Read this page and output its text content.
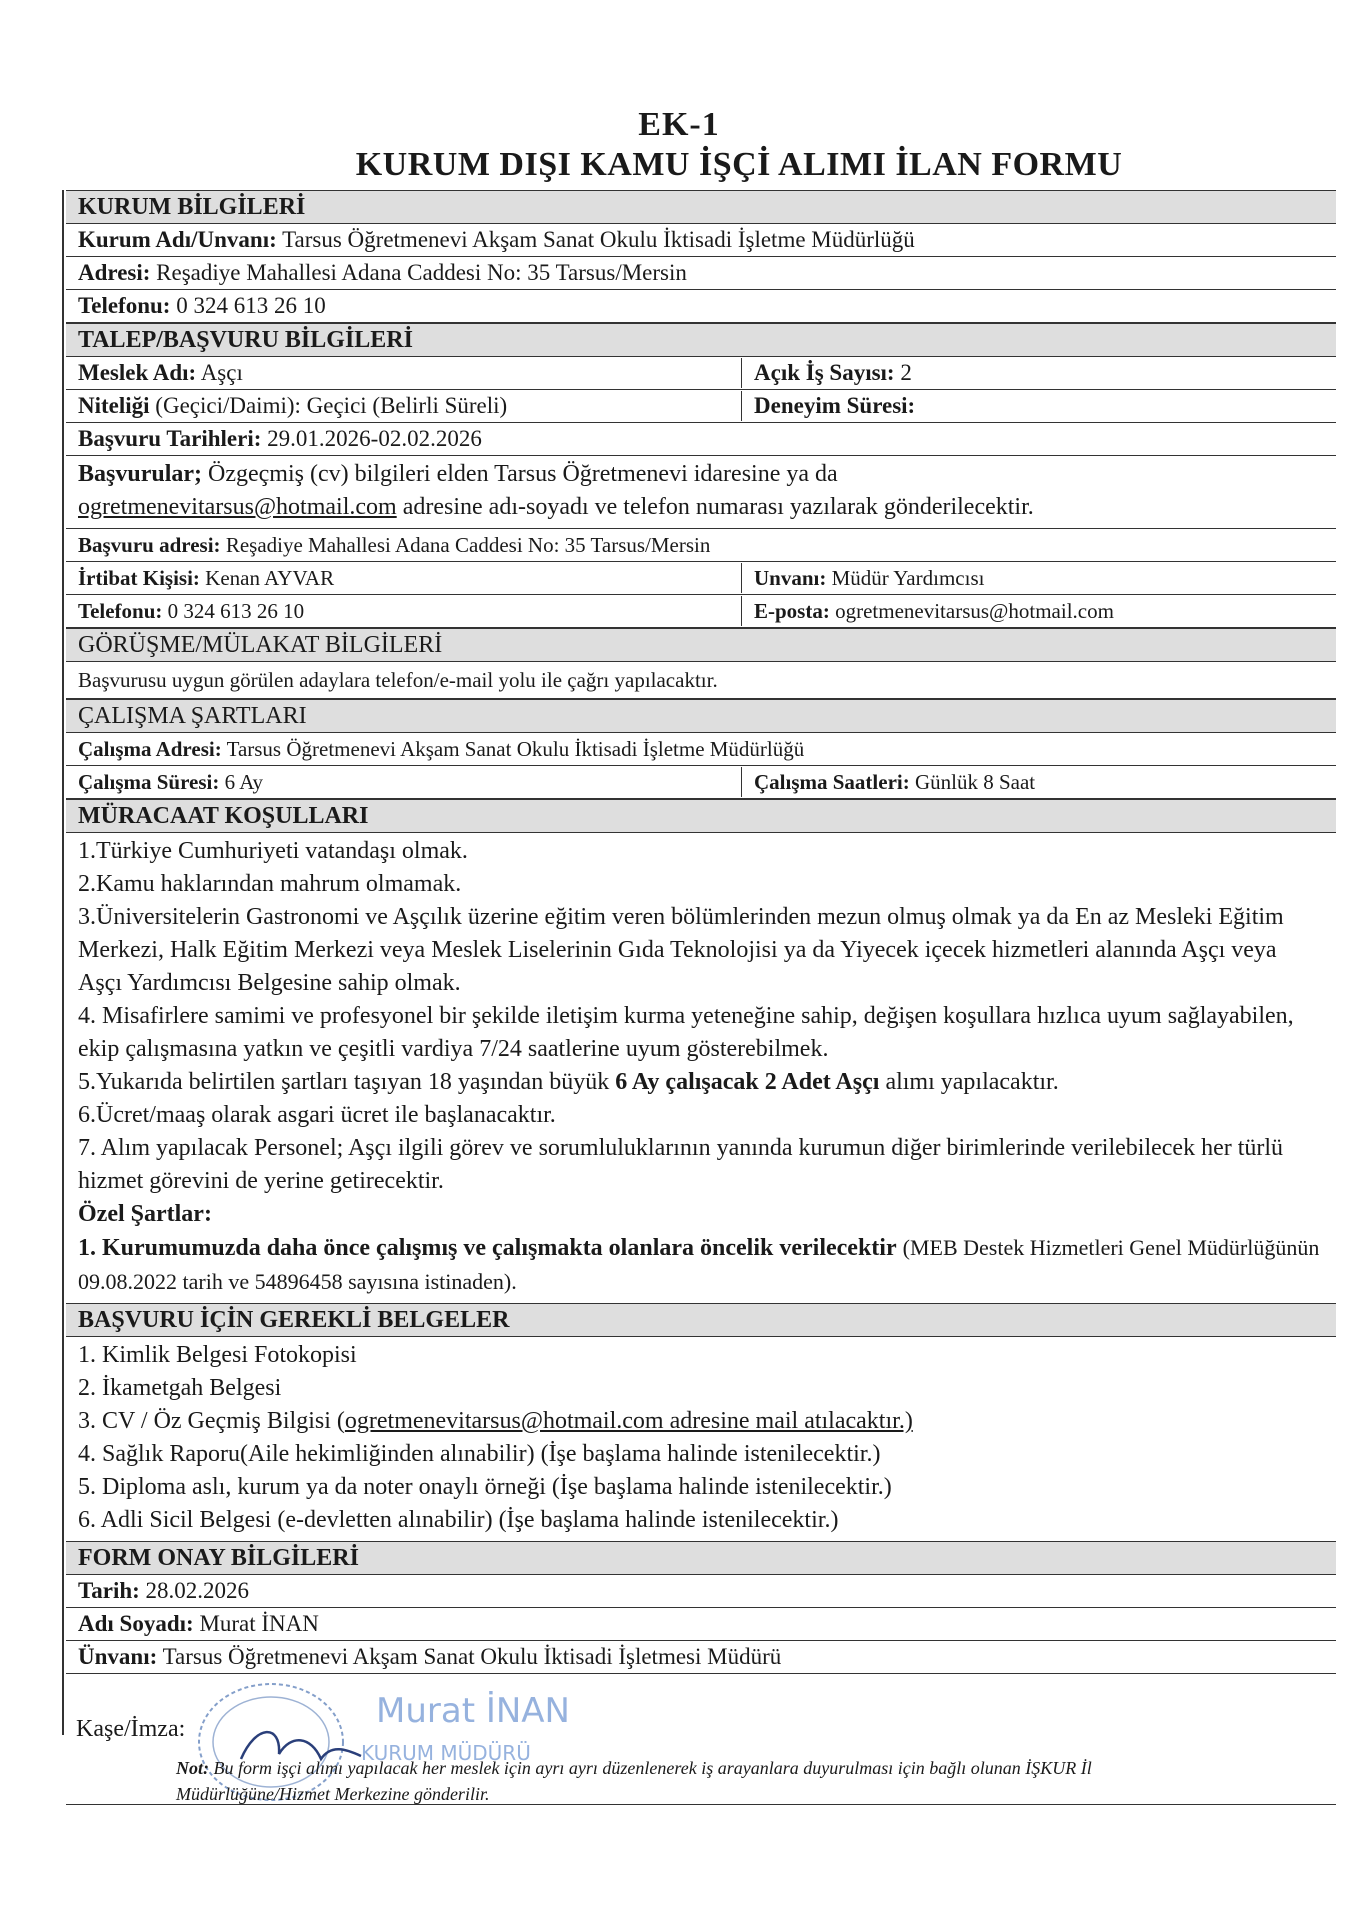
EK-1
KURUM DIŞI KAMU İŞÇİ ALIMI İLAN FORMU
KURUM BİLGİLERİ
Kurum Adı/Unvanı: Tarsus Öğretmenevi Akşam Sanat Okulu İktisadi İşletme Müdürlüğü
Adresi: Reşadiye Mahallesi Adana Caddesi No: 35 Tarsus/Mersin
Telefonu: 0 324 613 26 10
TALEP/BAŞVURU BİLGİLERİ
Meslek Adı: Aşçı	Açık İş Sayısı: 2
Niteliği (Geçici/Daimi): Geçici (Belirli Süreli)	Deneyim Süresi:
Başvuru Tarihleri: 29.01.2026-02.02.2026

Başvurular; Özgeçmiş (cv) bilgileri elden Tarsus Öğretmenevi idaresine ya da

ogretmenevitarsus@hotmail.com adresine adı-soyadı ve telefon numarası yazılarak gönderilecektir.

Başvuru adresi: Reşadiye Mahallesi Adana Caddesi No: 35 Tarsus/Mersin
İrtibat Kişisi: Kenan AYVAR	Unvanı: Müdür Yardımcısı
Telefonu: 0 324 613 26 10	E-posta: ogretmenevitarsus@hotmail.com
GÖRÜŞME/MÜLAKAT BİLGİLERİ
Başvurusu uygun görülen adaylara telefon/e-mail yolu ile çağrı yapılacaktır.
ÇALIŞMA ŞARTLARI
Çalışma Adresi: Tarsus Öğretmenevi Akşam Sanat Okulu İktisadi İşletme Müdürlüğü
Çalışma Süresi: 6 Ay	Çalışma Saatleri: Günlük 8 Saat
MÜRACAAT KOŞULLARI

1.Türkiye Cumhuriyeti vatandaşı olmak.

2.Kamu haklarından mahrum olmamak.

3.Üniversitelerin Gastronomi ve Aşçılık üzerine eğitim veren bölümlerinden mezun olmuş olmak ya da En az Mesleki Eğitim Merkezi, Halk Eğitim Merkezi veya Meslek Liselerinin Gıda Teknolojisi ya da Yiyecek içecek hizmetleri alanında Aşçı veya Aşçı Yardımcısı Belgesine sahip olmak.

4. Misafirlere samimi ve profesyonel bir şekilde iletişim kurma yeteneğine sahip, değişen koşullara hızlıca uyum sağlayabilen, ekip çalışmasına yatkın ve çeşitli vardiya 7/24 saatlerine uyum gösterebilmek.

5.Yukarıda belirtilen şartları taşıyan 18 yaşından büyük 6 Ay çalışacak 2 Adet Aşçı alımı yapılacaktır.

6.Ücret/maaş olarak asgari ücret ile başlanacaktır.

7. Alım yapılacak Personel; Aşçı ilgili görev ve sorumluluklarının yanında kurumun diğer birimlerinde verilebilecek her türlü hizmet görevini de yerine getirecektir.

Özel Şartlar:

1. Kurumumuzda daha önce çalışmış ve çalışmakta olanlara öncelik verilecektir (MEB Destek Hizmetleri Genel Müdürlüğünün 09.08.2022 tarih ve 54896458 sayısına istinaden).

BAŞVURU İÇİN GEREKLİ BELGELER

1. Kimlik Belgesi Fotokopisi

2. İkametgah Belgesi

3. CV / Öz Geçmiş Bilgisi (ogretmenevitarsus@hotmail.com adresine mail atılacaktır.)

4. Sağlık Raporu(Aile hekimliğinden alınabilir) (İşe başlama halinde istenilecektir.)

5. Diploma aslı, kurum ya da noter onaylı örneği (İşe başlama halinde istenilecektir.)

6. Adli Sicil Belgesi (e-devletten alınabilir) (İşe başlama halinde istenilecektir.)

FORM ONAY BİLGİLERİ
Tarih: 28.02.2026
Adı Soyadı: Murat İNAN
Ünvanı: Tarsus Öğretmenevi Akşam Sanat Okulu İktisadi İşletmesi Müdürü
Kaşe/İmza:	Murat İNAN
KURUM MÜDÜRÜ
Not: Bu form işçi alımı yapılacak her meslek için ayrı ayrı düzenlenerek iş arayanlara duyurulması için bağlı olunan İŞKUR İl Müdürlüğüne/Hizmet Merkezine gönderilir.
